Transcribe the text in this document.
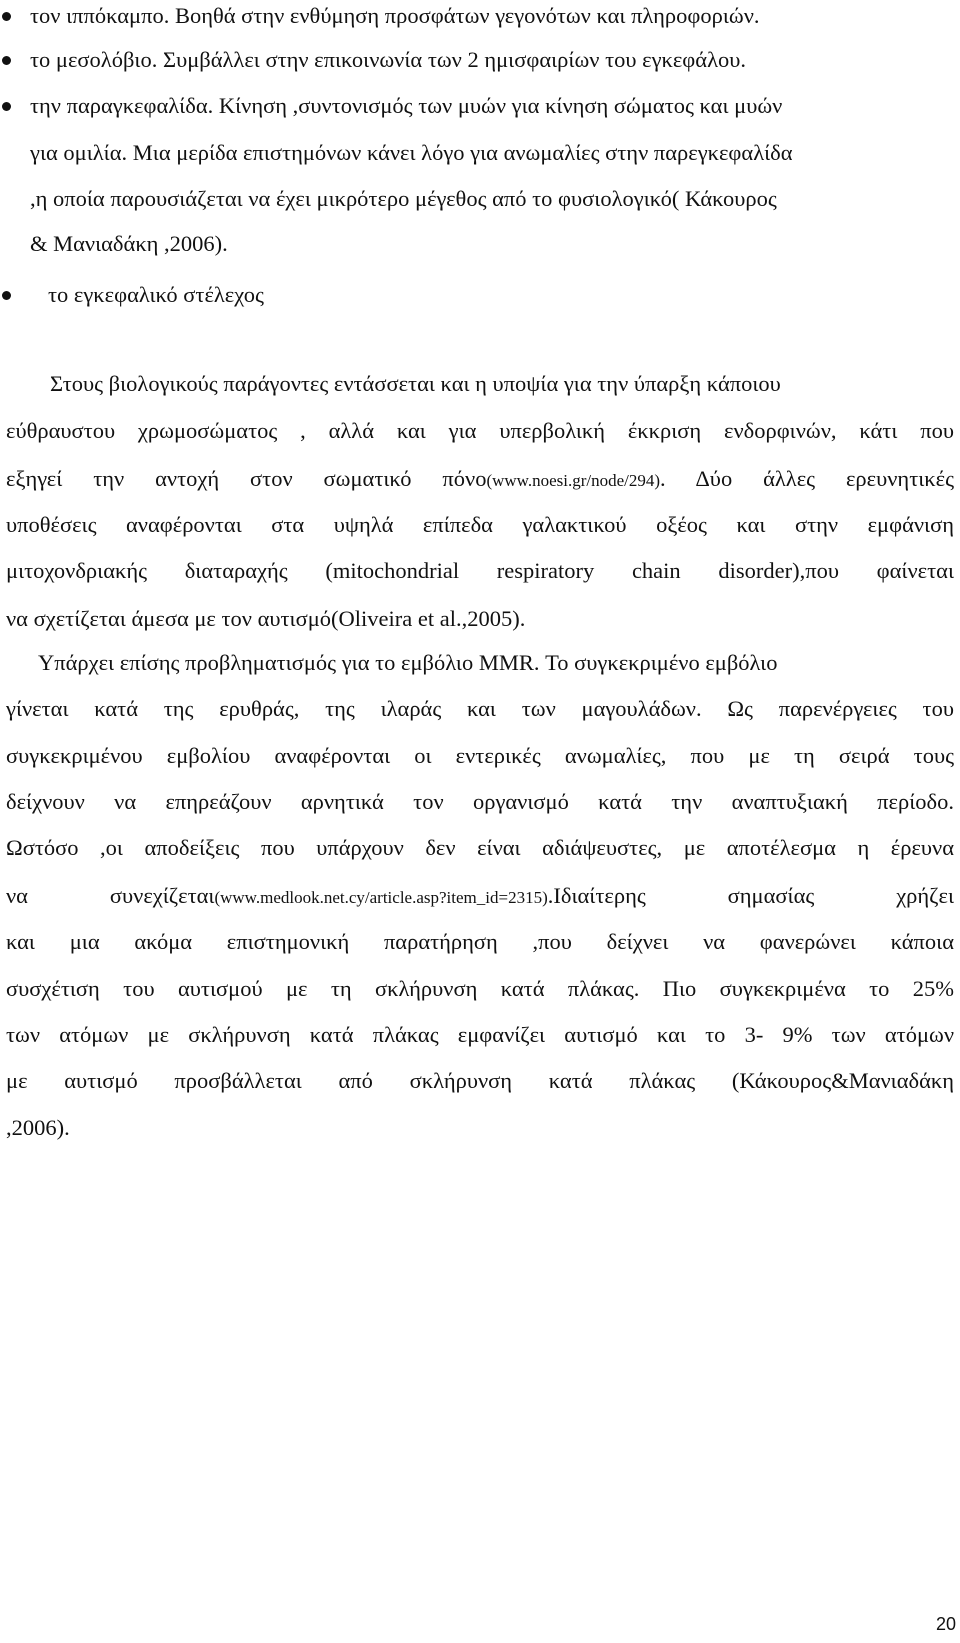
τον ιππόκαμπο. Βοηθά στην ενθύμηση προσφάτων γεγονότων και πληροφοριών.
το μεσολόβιο. Συμβάλλει στην επικοινωνία των 2 ημισφαιρίων του εγκεφάλου.
την παραγκεφαλίδα. Κίνηση ,συντονισμός των μυών για κίνηση σώματος και μυών
για ομιλία. Μια μερίδα επιστημόνων κάνει λόγο για ανωμαλίες στην παρεγκεφαλίδα
,η οποία παρουσιάζεται να έχει μικρότερο μέγεθος από το φυσιολογικό( Κάκουρος
& Μανιαδάκη ,2006).
το εγκεφαλικό στέλεχος
Στους βιολογικούς παράγοντες εντάσσεται και η υποψία για την ύπαρξη κάποιου
εύθραυστου χρωμοσώματος , αλλά και για υπερβολική έκκριση ενδορφινών, κάτι που
εξηγεί την αντοχή στον σωματικό πόνο(www.noesi.gr/node/294). Δύο άλλες ερευνητικές
υποθέσεις αναφέρονται στα υψηλά επίπεδα γαλακτικού οξέος και στην εμφάνιση
μιτοχονδριακής διαταραχής (mitochondrial respiratory chain disorder),που φαίνεται
να σχετίζεται άμεσα με τον αυτισμό(Oliveira et al.,2005).
Υπάρχει επίσης προβληματισμός για το εμβόλιο MMR. Το συγκεκριμένο εμβόλιο
γίνεται κατά της ερυθράς, της ιλαράς και των μαγουλάδων. Ως παρενέργειες του
συγκεκριμένου εμβολίου αναφέρονται οι εντερικές ανωμαλίες, που με τη σειρά τους
δείχνουν να επηρεάζουν αρνητικά τον οργανισμό κατά την αναπτυξιακή περίοδο.
Ωστόσο ,οι αποδείξεις που υπάρχουν δεν είναι αδιάψευστες, με αποτέλεσμα η έρευνα
να συνεχίζεται(www.medlook.net.cy/article.asp?item_id=2315).Ιδιαίτερης σημασίας χρήζει
και μια ακόμα επιστημονική παρατήρηση ,που δείχνει να φανερώνει κάποια
συσχέτιση του αυτισμού με τη σκλήρυνση κατά πλάκας. Πιο συγκεκριμένα το 25%
των ατόμων με σκλήρυνση κατά πλάκας εμφανίζει αυτισμό και το 3- 9% των ατόμων
με αυτισμό προσβάλλεται από σκλήρυνση κατά πλάκας (Κάκουρος&Μανιαδάκη
,2006).
20
